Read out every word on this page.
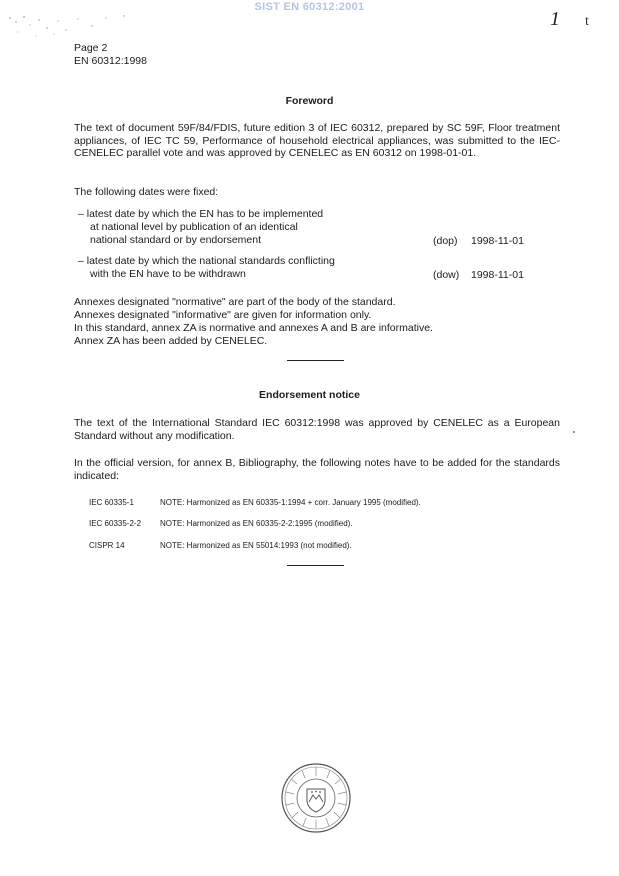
SIST EN 60312:2001
1 t
Page 2
EN 60312:1998
Foreword
The text of document 59F/84/FDIS, future edition 3 of IEC 60312, prepared by SC 59F, Floor treatment appliances, of IEC TC 59, Performance of household electrical appliances, was submitted to the IEC-CENELEC parallel vote and was approved by CENELEC as EN 60312 on 1998-01-01.
The following dates were fixed:
– latest date by which the EN has to be implemented
at national level by publication of an identical
national standard or by endorsement	(dop) 1998-11-01
– latest date by which the national standards conflicting
with the EN have to be withdrawn	(dow) 1998-11-01
Annexes designated "normative" are part of the body of the standard.
Annexes designated "informative" are given for information only.
In this standard, annex ZA is normative and annexes A and B are informative.
Annex ZA has been added by CENELEC.
Endorsement notice
The text of the International Standard IEC 60312:1998 was approved by CENELEC as a European Standard without any modification.
In the official version, for annex B, Bibliography, the following notes have to be added for the standards indicated:
IEC 60335-1	NOTE: Harmonized as EN 60335-1:1994 + corr. January 1995 (modified).
IEC 60335-2-2 NOTE: Harmonized as EN 60335-2-2:1995 (modified).
CISPR 14	NOTE: Harmonized as EN 55014:1993 (not modified).
